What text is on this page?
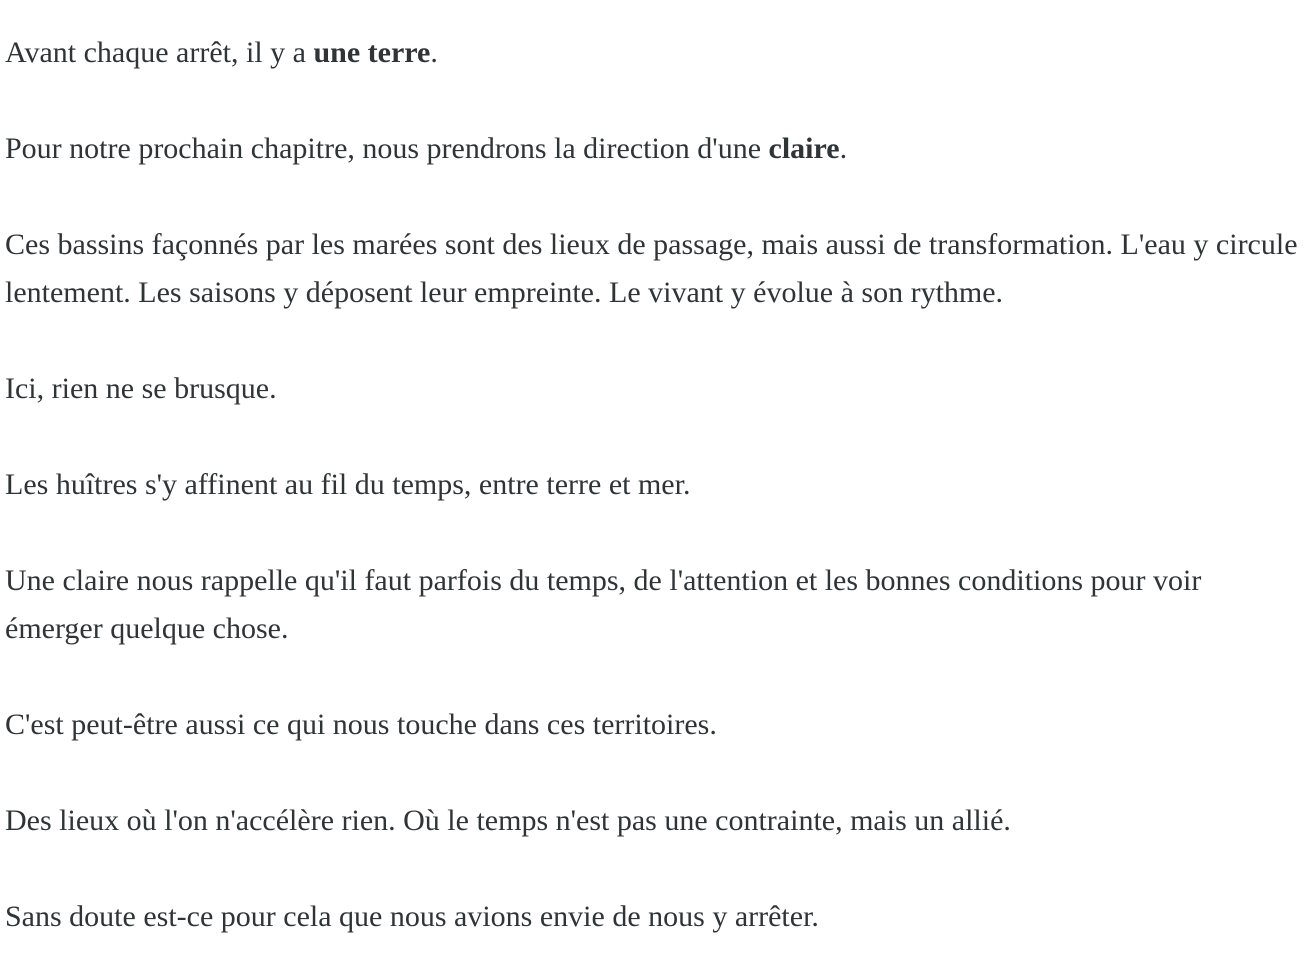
Avant chaque arrêt, il y a une terre.

Pour notre prochain chapitre, nous prendrons la direction d'une claire.

Ces bassins façonnés par les marées sont des lieux de passage, mais aussi de transformation. L'eau y circule lentement. Les saisons y déposent leur empreinte. Le vivant y évolue à son rythme.

Ici, rien ne se brusque.

Les huîtres s'y affinent au fil du temps, entre terre et mer.

Une claire nous rappelle qu'il faut parfois du temps, de l'attention et les bonnes conditions pour voir émerger quelque chose.

C'est peut-être aussi ce qui nous touche dans ces territoires.

Des lieux où l'on n'accélère rien. Où le temps n'est pas une contrainte, mais un allié.

Sans doute est-ce pour cela que nous avions envie de nous y arrêter.
